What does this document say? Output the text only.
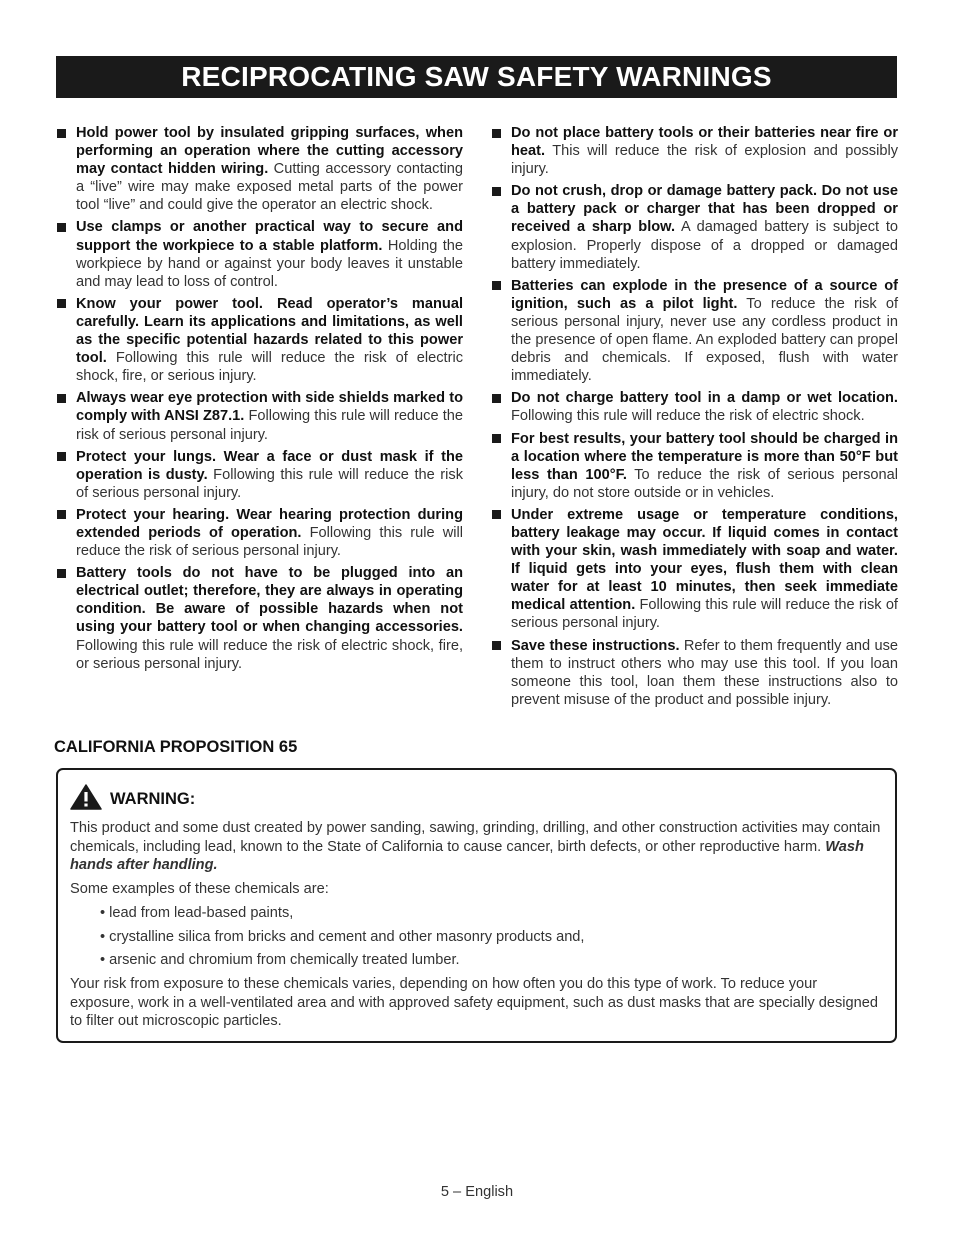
RECIPROCATING SAW SAFETY WARNINGS
Hold power tool by insulated gripping surfaces, when performing an operation where the cutting accessory may contact hidden wiring. Cutting accessory contacting a “live” wire may make exposed metal parts of the power tool “live” and could give the operator an electric shock.
Use clamps or another practical way to secure and support the workpiece to a stable platform. Holding the workpiece by hand or against your body leaves it unstable and may lead to loss of control.
Know your power tool. Read operator’s manual carefully. Learn its applications and limitations, as well as the specific potential hazards related to this power tool. Following this rule will reduce the risk of electric shock, fire, or serious injury.
Always wear eye protection with side shields marked to comply with ANSI Z87.1. Following this rule will reduce the risk of serious personal injury.
Protect your lungs. Wear a face or dust mask if the operation is dusty. Following this rule will reduce the risk of serious personal injury.
Protect your hearing. Wear hearing protection during extended periods of operation. Following this rule will reduce the risk of serious personal injury.
Battery tools do not have to be plugged into an electrical outlet; therefore, they are always in operating condition. Be aware of possible hazards when not using your battery tool or when changing accessories. Following this rule will reduce the risk of electric shock, fire, or serious personal injury.
Do not place battery tools or their batteries near fire or heat. This will reduce the risk of explosion and possibly injury.
Do not crush, drop or damage battery pack. Do not use a battery pack or charger that has been dropped or received a sharp blow. A damaged battery is subject to explosion. Properly dispose of a dropped or damaged battery immediately.
Batteries can explode in the presence of a source of ignition, such as a pilot light. To reduce the risk of serious personal injury, never use any cordless product in the presence of open flame. An exploded battery can propel debris and chemicals. If exposed, flush with water immediately.
Do not charge battery tool in a damp or wet location. Following this rule will reduce the risk of electric shock.
For best results, your battery tool should be charged in a location where the temperature is more than 50°F but less than 100°F. To reduce the risk of serious personal injury, do not store outside or in vehicles.
Under extreme usage or temperature conditions, battery leakage may occur. If liquid comes in contact with your skin, wash immediately with soap and water. If liquid gets into your eyes, flush them with clean water for at least 10 minutes, then seek immediate medical attention. Following this rule will reduce the risk of serious personal injury.
Save these instructions. Refer to them frequently and use them to instruct others who may use this tool. If you loan someone this tool, loan them these instructions also to prevent misuse of the product and possible injury.
CALIFORNIA PROPOSITION 65
WARNING:

This product and some dust created by power sanding, sawing, grinding, drilling, and other construction activities may contain chemicals, including lead, known to the State of California to cause cancer, birth defects, or other reproductive harm. Wash hands after handling.

Some examples of these chemicals are:

• lead from lead-based paints,

• crystalline silica from bricks and cement and other masonry products and,

• arsenic and chromium from chemically treated lumber.

Your risk from exposure to these chemicals varies, depending on how often you do this type of work. To reduce your exposure, work in a well-ventilated area and with approved safety equipment, such as dust masks that are specially designed to filter out microscopic particles.

5 – English
